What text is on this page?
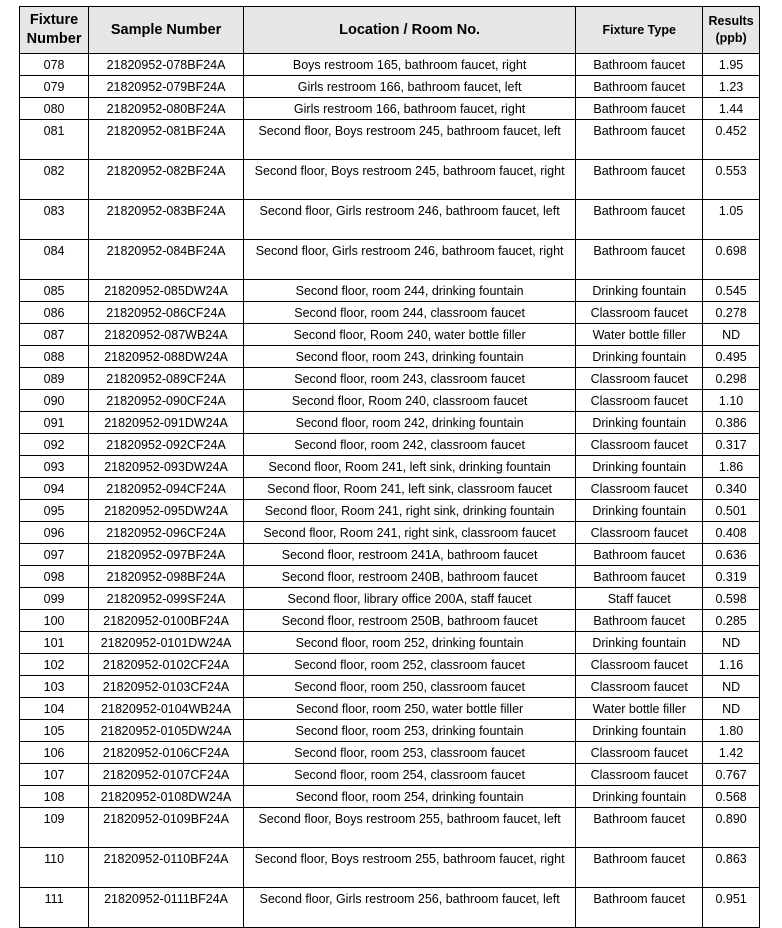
Fixture Number	Sample Number	Location / Room No.	Fixture Type	Results (ppb)
078	21820952-078BF24A	Boys restroom 165, bathroom faucet, right	Bathroom faucet	1.95
079	21820952-079BF24A	Girls restroom 166, bathroom faucet, left	Bathroom faucet	1.23
080	21820952-080BF24A	Girls restroom 166, bathroom faucet, right	Bathroom faucet	1.44
081	21820952-081BF24A	Second floor, Boys restroom 245, bathroom faucet, left	Bathroom faucet	0.452
082	21820952-082BF24A	Second floor, Boys restroom 245, bathroom faucet, right	Bathroom faucet	0.553
083	21820952-083BF24A	Second floor, Girls restroom 246, bathroom faucet, left	Bathroom faucet	1.05
084	21820952-084BF24A	Second floor, Girls restroom 246, bathroom faucet, right	Bathroom faucet	0.698
085	21820952-085DW24A	Second floor, room 244, drinking fountain	Drinking fountain	0.545
086	21820952-086CF24A	Second floor, room 244, classroom faucet	Classroom faucet	0.278
087	21820952-087WB24A	Second floor, Room 240, water bottle filler	Water bottle filler	ND
088	21820952-088DW24A	Second floor, room 243, drinking fountain	Drinking fountain	0.495
089	21820952-089CF24A	Second floor, room 243, classroom faucet	Classroom faucet	0.298
090	21820952-090CF24A	Second floor, Room 240, classroom faucet	Classroom faucet	1.10
091	21820952-091DW24A	Second floor, room 242, drinking fountain	Drinking fountain	0.386
092	21820952-092CF24A	Second floor, room 242, classroom faucet	Classroom faucet	0.317
093	21820952-093DW24A	Second floor, Room 241, left sink, drinking fountain	Drinking fountain	1.86
094	21820952-094CF24A	Second floor, Room 241, left sink, classroom faucet	Classroom faucet	0.340
095	21820952-095DW24A	Second floor, Room 241, right sink, drinking fountain	Drinking fountain	0.501
096	21820952-096CF24A	Second floor, Room 241, right sink, classroom faucet	Classroom faucet	0.408
097	21820952-097BF24A	Second floor, restroom 241A, bathroom faucet	Bathroom faucet	0.636
098	21820952-098BF24A	Second floor, restroom 240B, bathroom faucet	Bathroom faucet	0.319
099	21820952-099SF24A	Second floor, library office 200A, staff faucet	Staff faucet	0.598
100	21820952-0100BF24A	Second floor, restroom 250B, bathroom faucet	Bathroom faucet	0.285
101	21820952-0101DW24A	Second floor, room 252, drinking fountain	Drinking fountain	ND
102	21820952-0102CF24A	Second floor, room 252, classroom faucet	Classroom faucet	1.16
103	21820952-0103CF24A	Second floor, room 250, classroom faucet	Classroom faucet	ND
104	21820952-0104WB24A	Second floor, room 250, water bottle filler	Water bottle filler	ND
105	21820952-0105DW24A	Second floor, room 253, drinking fountain	Drinking fountain	1.80
106	21820952-0106CF24A	Second floor, room 253, classroom faucet	Classroom faucet	1.42
107	21820952-0107CF24A	Second floor, room 254, classroom faucet	Classroom faucet	0.767
108	21820952-0108DW24A	Second floor, room 254, drinking fountain	Drinking fountain	0.568
109	21820952-0109BF24A	Second floor, Boys restroom 255, bathroom faucet, left	Bathroom faucet	0.890
110	21820952-0110BF24A	Second floor, Boys restroom 255, bathroom faucet, right	Bathroom faucet	0.863
111	21820952-0111BF24A	Second floor, Girls restroom 256, bathroom faucet, left	Bathroom faucet	0.951
